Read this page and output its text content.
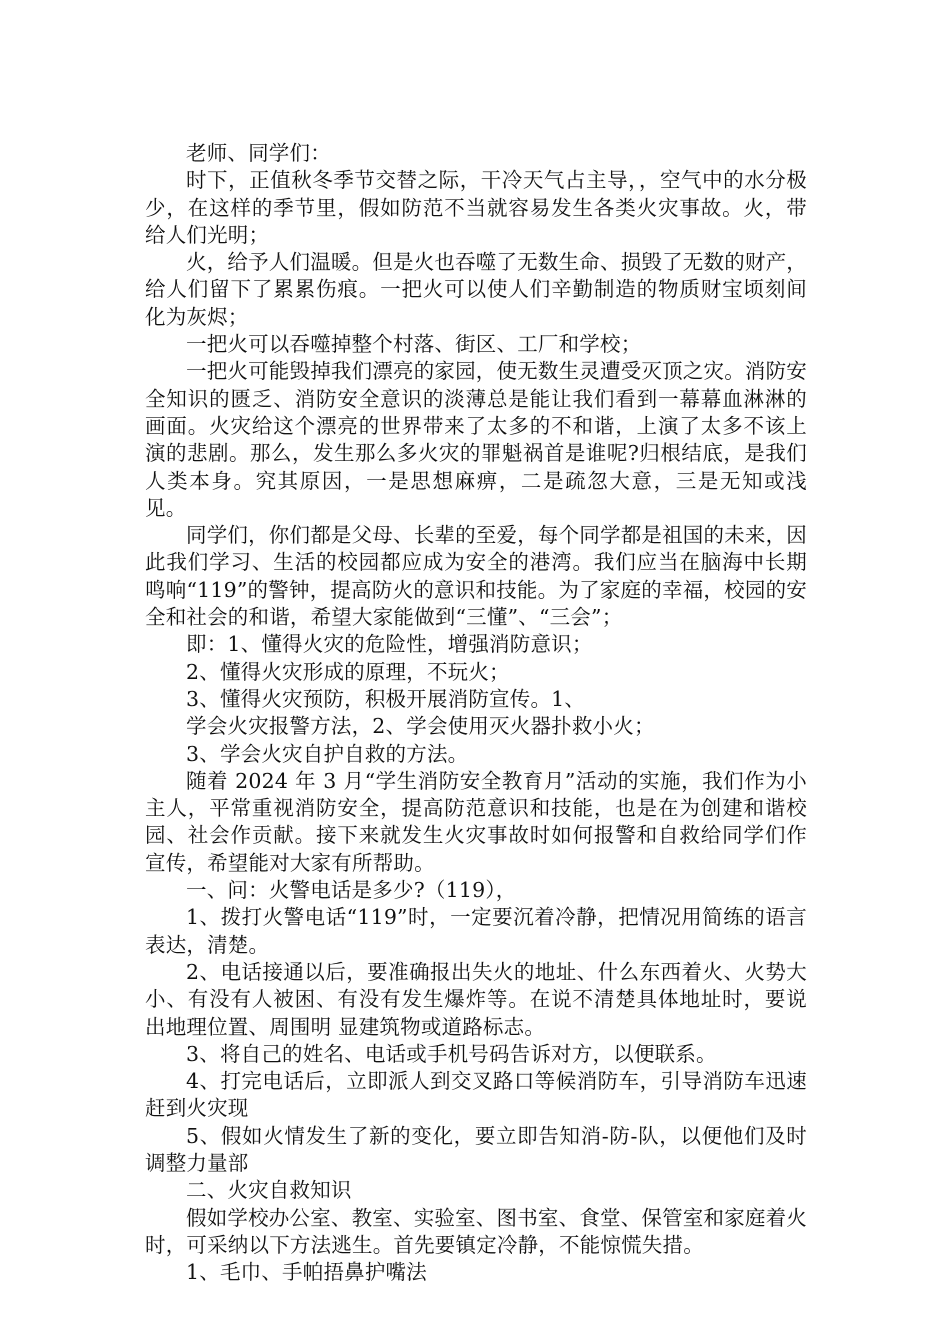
老师、同学们：

时下，正值秋冬季节交替之际，干冷天气占主导，，空气中的水分极少，在这样的季节里，假如防范不当就容易发生各类火灾事故。火，带给人们光明；

火，给予人们温暖。但是火也吞噬了无数生命、损毁了无数的财产，给人们留下了累累伤痕。一把火可以使人们辛勤制造的物质财宝顷刻间化为灰烬；

一把火可以吞噬掉整个村落、街区、工厂和学校；

一把火可能毁掉我们漂亮的家园，使无数生灵遭受灭顶之灾。消防安全知识的匮乏、消防安全意识的淡薄总是能让我们看到一幕幕血淋淋的画面。火灾给这个漂亮的世界带来了太多的不和谐，上演了太多不该上演的悲剧。那么，发生那么多火灾的罪魁祸首是谁呢?归根结底，是我们人类本身。究其原因，一是思想麻痹，二是疏忽大意，三是无知或浅见。

同学们，你们都是父母、长辈的至爱，每个同学都是祖国的未来，因此我们学习、生活的校园都应成为安全的港湾。我们应当在脑海中长期鸣响“119”的警钟，提高防火的意识和技能。为了家庭的幸福，校园的安全和社会的和谐，希望大家能做到“三懂”、“三会”；

即：1、懂得火灾的危险性，增强消防意识；

2、懂得火灾形成的原理，不玩火；

3、懂得火灾预防，积极开展消防宣传。1、

学会火灾报警方法，2、学会使用灭火器扑救小火；

3、学会火灾自护自救的方法。

随着 2024 年 3 月“学生消防安全教育月”活动的实施，我们作为小主人，平常重视消防安全，提高防范意识和技能，也是在为创建和谐校园、社会作贡献。接下来就发生火灾事故时如何报警和自救给同学们作宣传，希望能对大家有所帮助。

一、问：火警电话是多少?（119），

1、拨打火警电话“119”时，一定要沉着冷静，把情况用简练的语言表达，清楚。

2、电话接通以后，要准确报出失火的地址、什么东西着火、火势大小、有没有人被困、有没有发生爆炸等。在说不清楚具体地址时，要说出地理位置、周围明 显建筑物或道路标志。

3、将自己的姓名、电话或手机号码告诉对方，以便联系。

4、打完电话后，立即派人到交叉路口等候消防车，引导消防车迅速赶到火灾现

5、假如火情发生了新的变化，要立即告知消-防-队，以便他们及时调整力量部

二、火灾自救知识

假如学校办公室、教室、实验室、图书室、食堂、保管室和家庭着火时，可采纳以下方法逃生。首先要镇定冷静，不能惊慌失措。

1、毛巾、手帕捂鼻护嘴法
